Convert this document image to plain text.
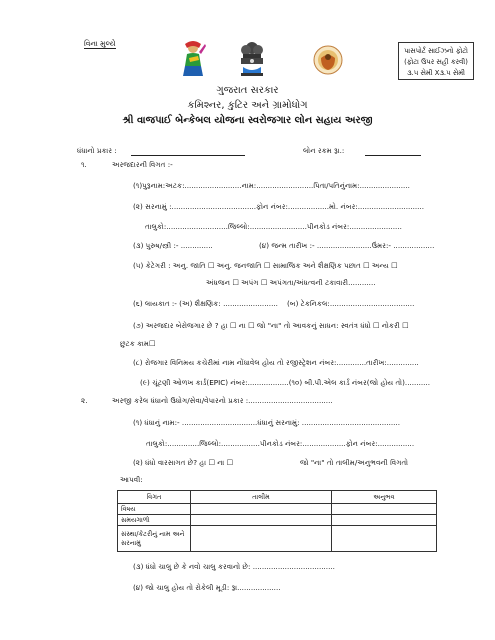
વિના મુલ્યે
પાસપોર્ટ સાઈઝનો ફોટો
(ફોટા ઉપર સહી કરવી)
૩.૫ સેમી X૩.૫ સેમી
ગુજરાત સરકાર
કમિશ્નર, કુટિર અને ગ્રામોધોગ
શ્રી વાજપાઈ બેન્કેબલ યોજના સ્વરોજગાર લોન સહાય અરજી
ધંધાનો પ્રકાર :	લોન રકમ રૂા.:
૧.	અરજદારની વિગત :-
(૧)પુરૂનામ:અટક:.........................નામ:.........................પિતા/પતિનુંનામ:......................
(૨) સરનામું :.....................................ફોન નંબર:..................મો. નંબર:.............................
તાલુકો:...........................જિલ્લો:.........................પીનકોડ નંબર:.......................
(૩) પુરુષ/સ્ત્રી :- ..............	(૪) જન્મ તારીખ :- ........................ઉંમર:- ..................
(૫) કેટેગરી : અનુ. જાતિ ☐ અનુ. જનજાતિ ☐ સામાજિક અને શૈક્ષણિક પછાત ☐ અન્ય ☐
અંધજન ☐ અપંગ ☐ અપંગતા/અંધત્વની ટકાવારી............
(૬) લાયકાત :- (અ) શૈક્ષણિક: ........................ (બ) ટેકનિકલ:.....................................
(૭) અરજદાર બેરોજગાર છે ? હા ☐ ના ☐ જો "ના" તો આવકનું સાધન: સ્વતંત્ર ધંધો ☐ નોકરી ☐
છુટક કામ☐
(૮) રોજગાર વિનિમય કચેરીમાં નામ નોંધાવેલ હોય તો રજીસ્ટ્રેશન નંબર:.............તારીખ:..............
(૯) ચૂંટણી ઓળખ કાર્ડ(EPIC) નંબર:..................(૧૦) બી.પી.એલ કાર્ડ નંબર(જો હોય તો)...........
૨.	અરજી કરેલ ધંધાનો ઉધોગ/સેવા/વેપારનો પ્રકાર :.....................................
(૧) ધંધાનું નામ:- .................................ધંધાનું સરનામું: ...........................................
તાલુકો:..............જિલ્લો:.................પીનકોડ નંબર:...................ફોન નંબર:................
(૨) ધંધો વારસાગત છે? હા ☐ ના ☐	જો "ના" તો તાલીમ/અનુભવની વિગતો
આપવી:
વિગત	તાલીમ	અનુભવ
વિષય		
સમયગાળો		
સંસ્થા/કેટરીનું નામ અને સરનામું		
(૩) ધંધો ચાલુ છે કે નવો ચાલુ કરવાનો છે: ....................................
(૪) જો ચાલુ હોય તો રોકેલી મૂડી: રૂા...................
